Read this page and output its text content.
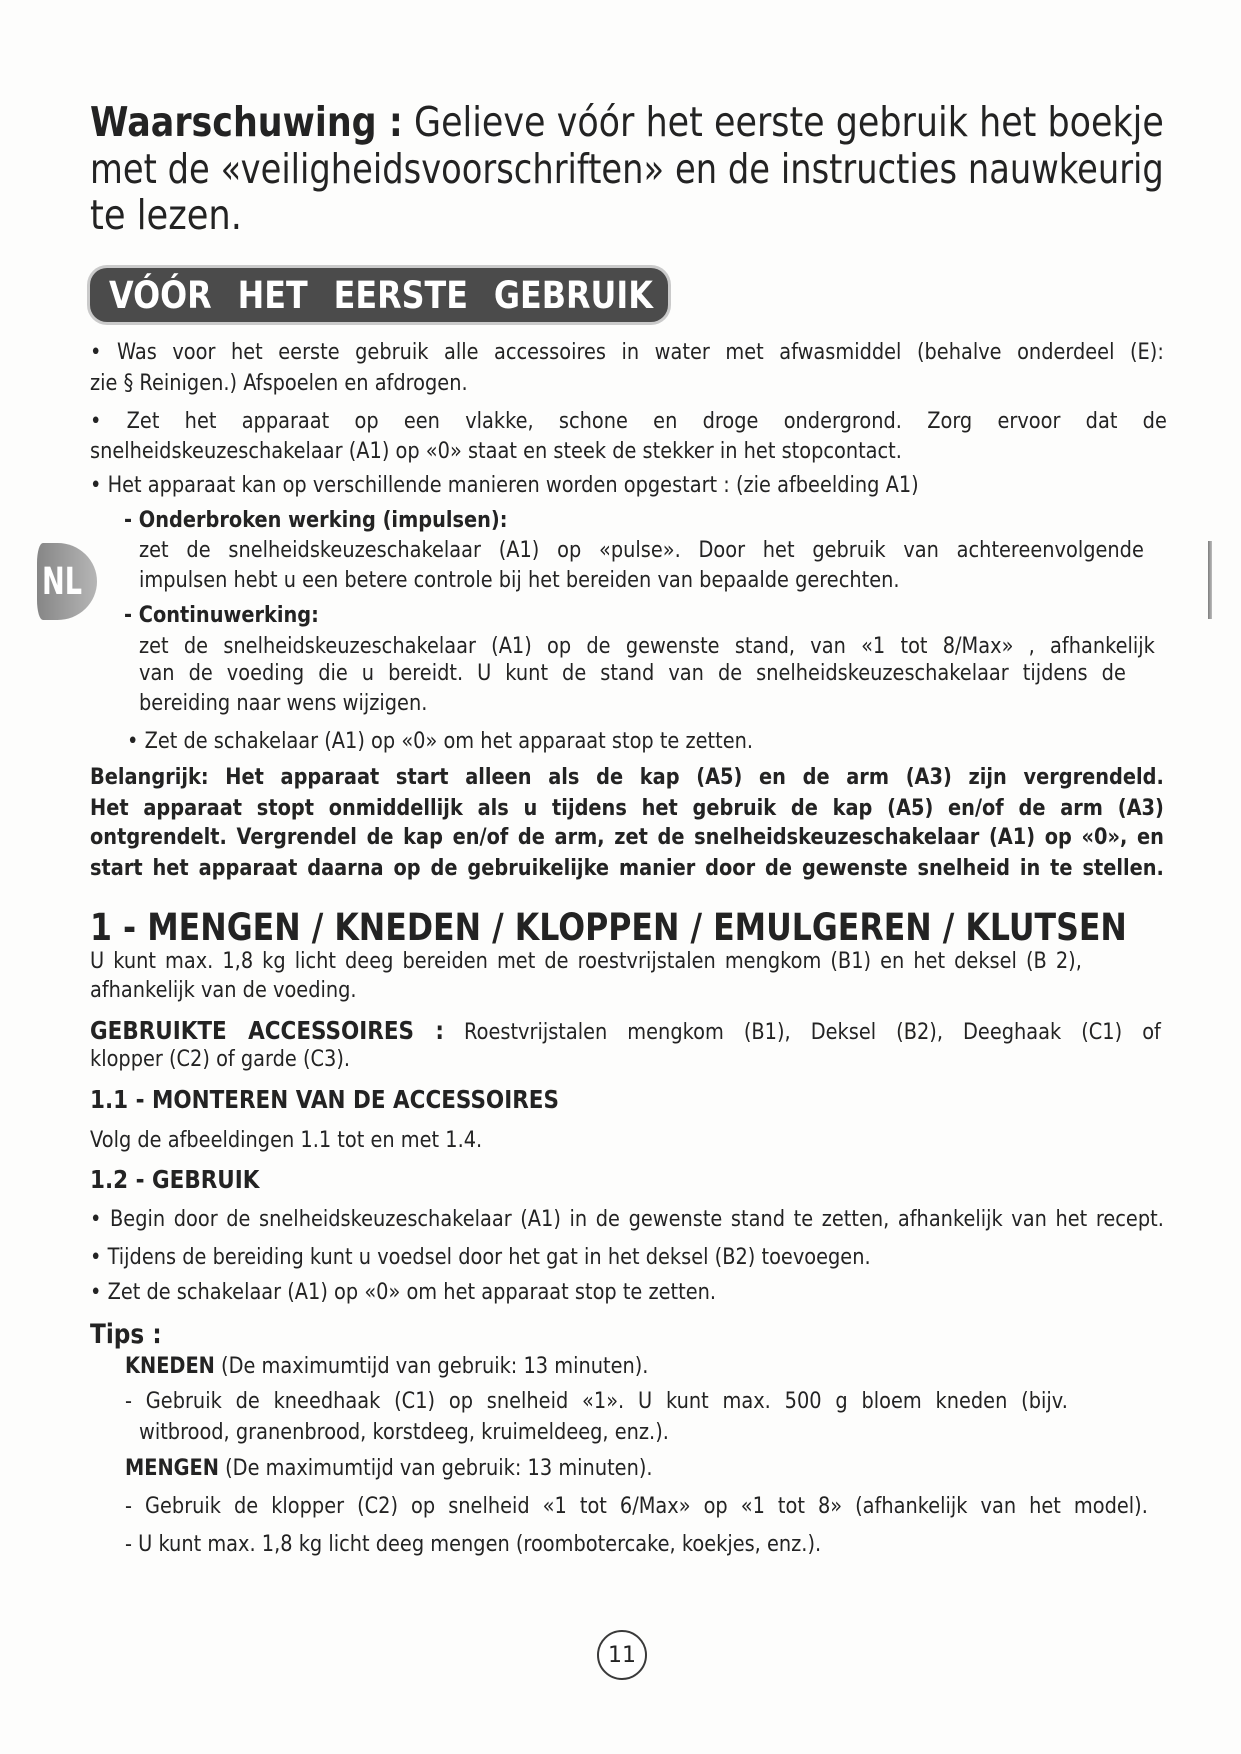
NL
Waarschuwing : Gelieve vóór het eerste gebruik het boekje
met de «veiligheidsvoorschriften» en de instructies nauwkeurig
te lezen.
VÓÓR HET EERSTE GEBRUIK
• Was voor het eerste gebruik alle accessoires in water met afwasmiddel (behalve onderdeel (E):
zie § Reinigen.) Afspoelen en afdrogen.
• Zet het apparaat op een vlakke, schone en droge ondergrond. Zorg ervoor dat de
snelheidskeuzeschakelaar (A1) op «0» staat en steek de stekker in het stopcontact.
• Het apparaat kan op verschillende manieren worden opgestart : (zie afbeelding A1)
- Onderbroken werking (impulsen):
zet de snelheidskeuzeschakelaar (A1) op «pulse». Door het gebruik van achtereenvolgende
impulsen hebt u een betere controle bij het bereiden van bepaalde gerechten.
- Continuwerking:
zet de snelheidskeuzeschakelaar (A1) op de gewenste stand, van «1 tot 8/Max» , afhankelijk
van de voeding die u bereidt. U kunt de stand van de snelheidskeuzeschakelaar tijdens de
bereiding naar wens wijzigen.
• Zet de schakelaar (A1) op «0» om het apparaat stop te zetten.
Belangrijk: Het apparaat start alleen als de kap (A5) en de arm (A3) zijn vergrendeld.
Het apparaat stopt onmiddellijk als u tijdens het gebruik de kap (A5) en/of de arm (A3)
ontgrendelt. Vergrendel de kap en/of de arm, zet de snelheidskeuzeschakelaar (A1) op «0», en
start het apparaat daarna op de gebruikelijke manier door de gewenste snelheid in te stellen.
1 - MENGEN / KNEDEN / KLOPPEN / EMULGEREN / KLUTSEN
U kunt max. 1,8 kg licht deeg bereiden met de roestvrijstalen mengkom (B1) en het deksel (B 2),
afhankelijk van de voeding.
GEBRUIKTE ACCESSOIRES : Roestvrijstalen mengkom (B1), Deksel (B2), Deeghaak (C1) of
klopper (C2) of garde (C3).
1.1 - MONTEREN VAN DE ACCESSOIRES
Volg de afbeeldingen 1.1 tot en met 1.4.
1.2 - GEBRUIK
• Begin door de snelheidskeuzeschakelaar (A1) in de gewenste stand te zetten, afhankelijk van het recept.
• Tijdens de bereiding kunt u voedsel door het gat in het deksel (B2) toevoegen.
• Zet de schakelaar (A1) op «0» om het apparaat stop te zetten.
Tips :
KNEDEN (De maximumtijd van gebruik: 13 minuten).
- Gebruik de kneedhaak (C1) op snelheid «1». U kunt max. 500 g bloem kneden (bijv.
witbrood, granenbrood, korstdeeg, kruimeldeeg, enz.).
MENGEN (De maximumtijd van gebruik: 13 minuten).
- Gebruik de klopper (C2) op snelheid «1 tot 6/Max» op «1 tot 8» (afhankelijk van het model).
- U kunt max. 1,8 kg licht deeg mengen (roombotercake, koekjes, enz.).
11
